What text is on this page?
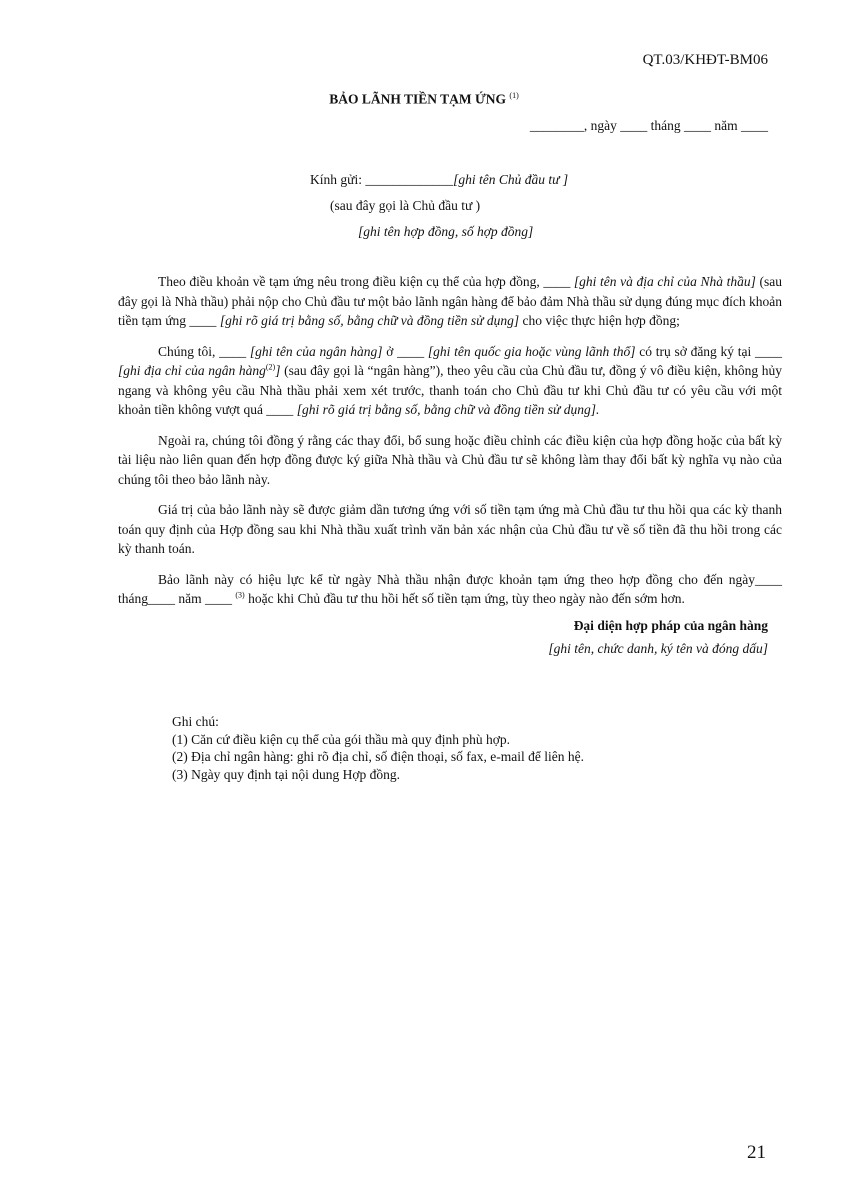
QT.03/KHĐT-BM06
BẢO LÃNH TIỀN TẠM ỨNG $^{(1)}$
________, ngày ____ tháng ____ năm ____
Kính gửi: _____________[ghi tên Chủ đầu tư ]
(sau đây gọi là Chủ đầu tư )
[ghi tên hợp đồng, số hợp đồng]

Theo điều khoản về tạm ứng nêu trong điều kiện cụ thể của hợp đồng, ____ [ghi tên và địa chỉ của Nhà thầu] (sau đây gọi là Nhà thầu) phải nộp cho Chủ đầu tư một bảo lãnh ngân hàng để bảo đảm Nhà thầu sử dụng đúng mục đích khoản tiền tạm ứng ____ [ghi rõ giá trị bằng số, bằng chữ và đồng tiền sử dụng] cho việc thực hiện hợp đồng;

Chúng tôi, ____ [ghi tên của ngân hàng] ở ____ [ghi tên quốc gia hoặc vùng lãnh thổ] có trụ sở đăng ký tại ____ [ghi địa chỉ của ngân hàng$^{(2)}$] (sau đây gọi là “ngân hàng”), theo yêu cầu của Chủ đầu tư, đồng ý vô điều kiện, không hủy ngang và không yêu cầu Nhà thầu phải xem xét trước, thanh toán cho Chủ đầu tư khi Chủ đầu tư có yêu cầu với một khoản tiền không vượt quá ____ [ghi rõ giá trị bằng số, bằng chữ và đồng tiền sử dụng].

Ngoài ra, chúng tôi đồng ý rằng các thay đổi, bổ sung hoặc điều chỉnh các điều kiện của hợp đồng hoặc của bất kỳ tài liệu nào liên quan đến hợp đồng được ký giữa Nhà thầu và Chủ đầu tư sẽ không làm thay đổi bất kỳ nghĩa vụ nào của chúng tôi theo bảo lãnh này.

Giá trị của bảo lãnh này sẽ được giảm dần tương ứng với số tiền tạm ứng mà Chủ đầu tư thu hồi qua các kỳ thanh toán quy định của Hợp đồng sau khi Nhà thầu xuất trình văn bản xác nhận của Chủ đầu tư về số tiền đã thu hồi trong các kỳ thanh toán.

Bảo lãnh này có hiệu lực kể từ ngày Nhà thầu nhận được khoản tạm ứng theo hợp đồng cho đến ngày____ tháng____ năm ____ $^{(3)}$ hoặc khi Chủ đầu tư thu hồi hết số tiền tạm ứng, tùy theo ngày nào đến sớm hơn.

Đại diện hợp pháp của ngân hàng
[ghi tên, chức danh, ký tên và đóng dấu]
Ghi chú:
(1) Căn cứ điều kiện cụ thể của gói thầu mà quy định phù hợp.
(2) Địa chỉ ngân hàng: ghi rõ địa chỉ, số điện thoại, số fax, e-mail để liên hệ.
(3) Ngày quy định tại nội dung Hợp đồng.
21
